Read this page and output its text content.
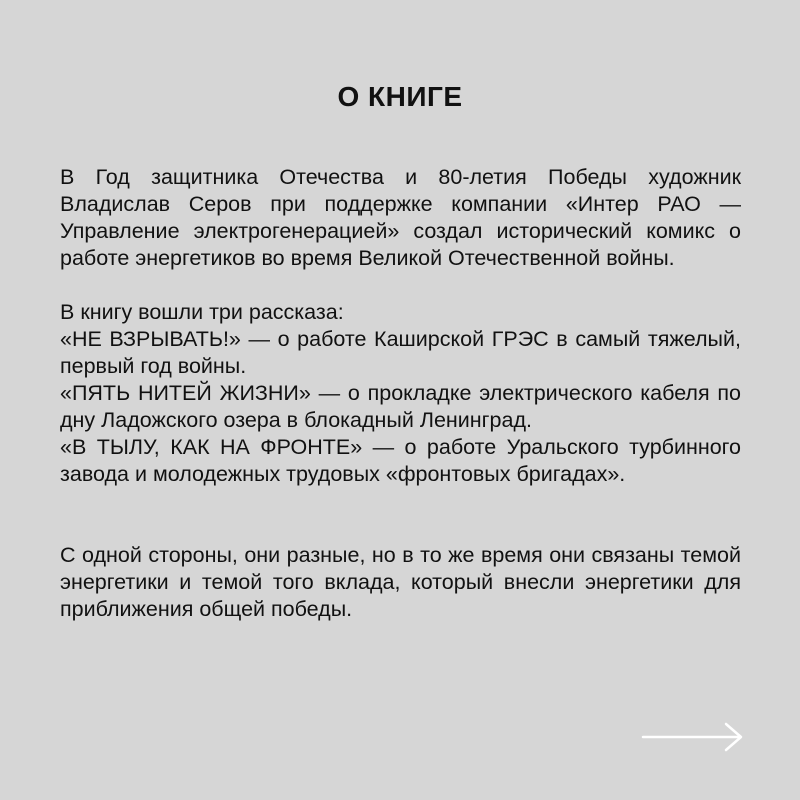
О КНИГЕ

В Год защитника Отечества и 80-летия Победы художник Владислав Серов при поддержке компании «Интер РАО — Управление электрогенерацией» создал исторический комикс о работе энергетиков во время Великой Отечественной войны.

В книгу вошли три рассказа:

«НЕ ВЗРЫВАТЬ!» — о работе Каширской ГРЭС в самый тяжелый, первый год войны.

«ПЯТЬ НИТЕЙ ЖИЗНИ» — о прокладке электрического кабеля по дну Ладожского озера в блокадный Ленинград.

«В ТЫЛУ, КАК НА ФРОНТЕ» — о работе Уральского турбинного завода и молодежных трудовых «фронтовых бригадах».

С одной стороны, они разные, но в то же время они связаны темой энергетики и темой того вклада, который внесли энергетики для приближения общей победы.
